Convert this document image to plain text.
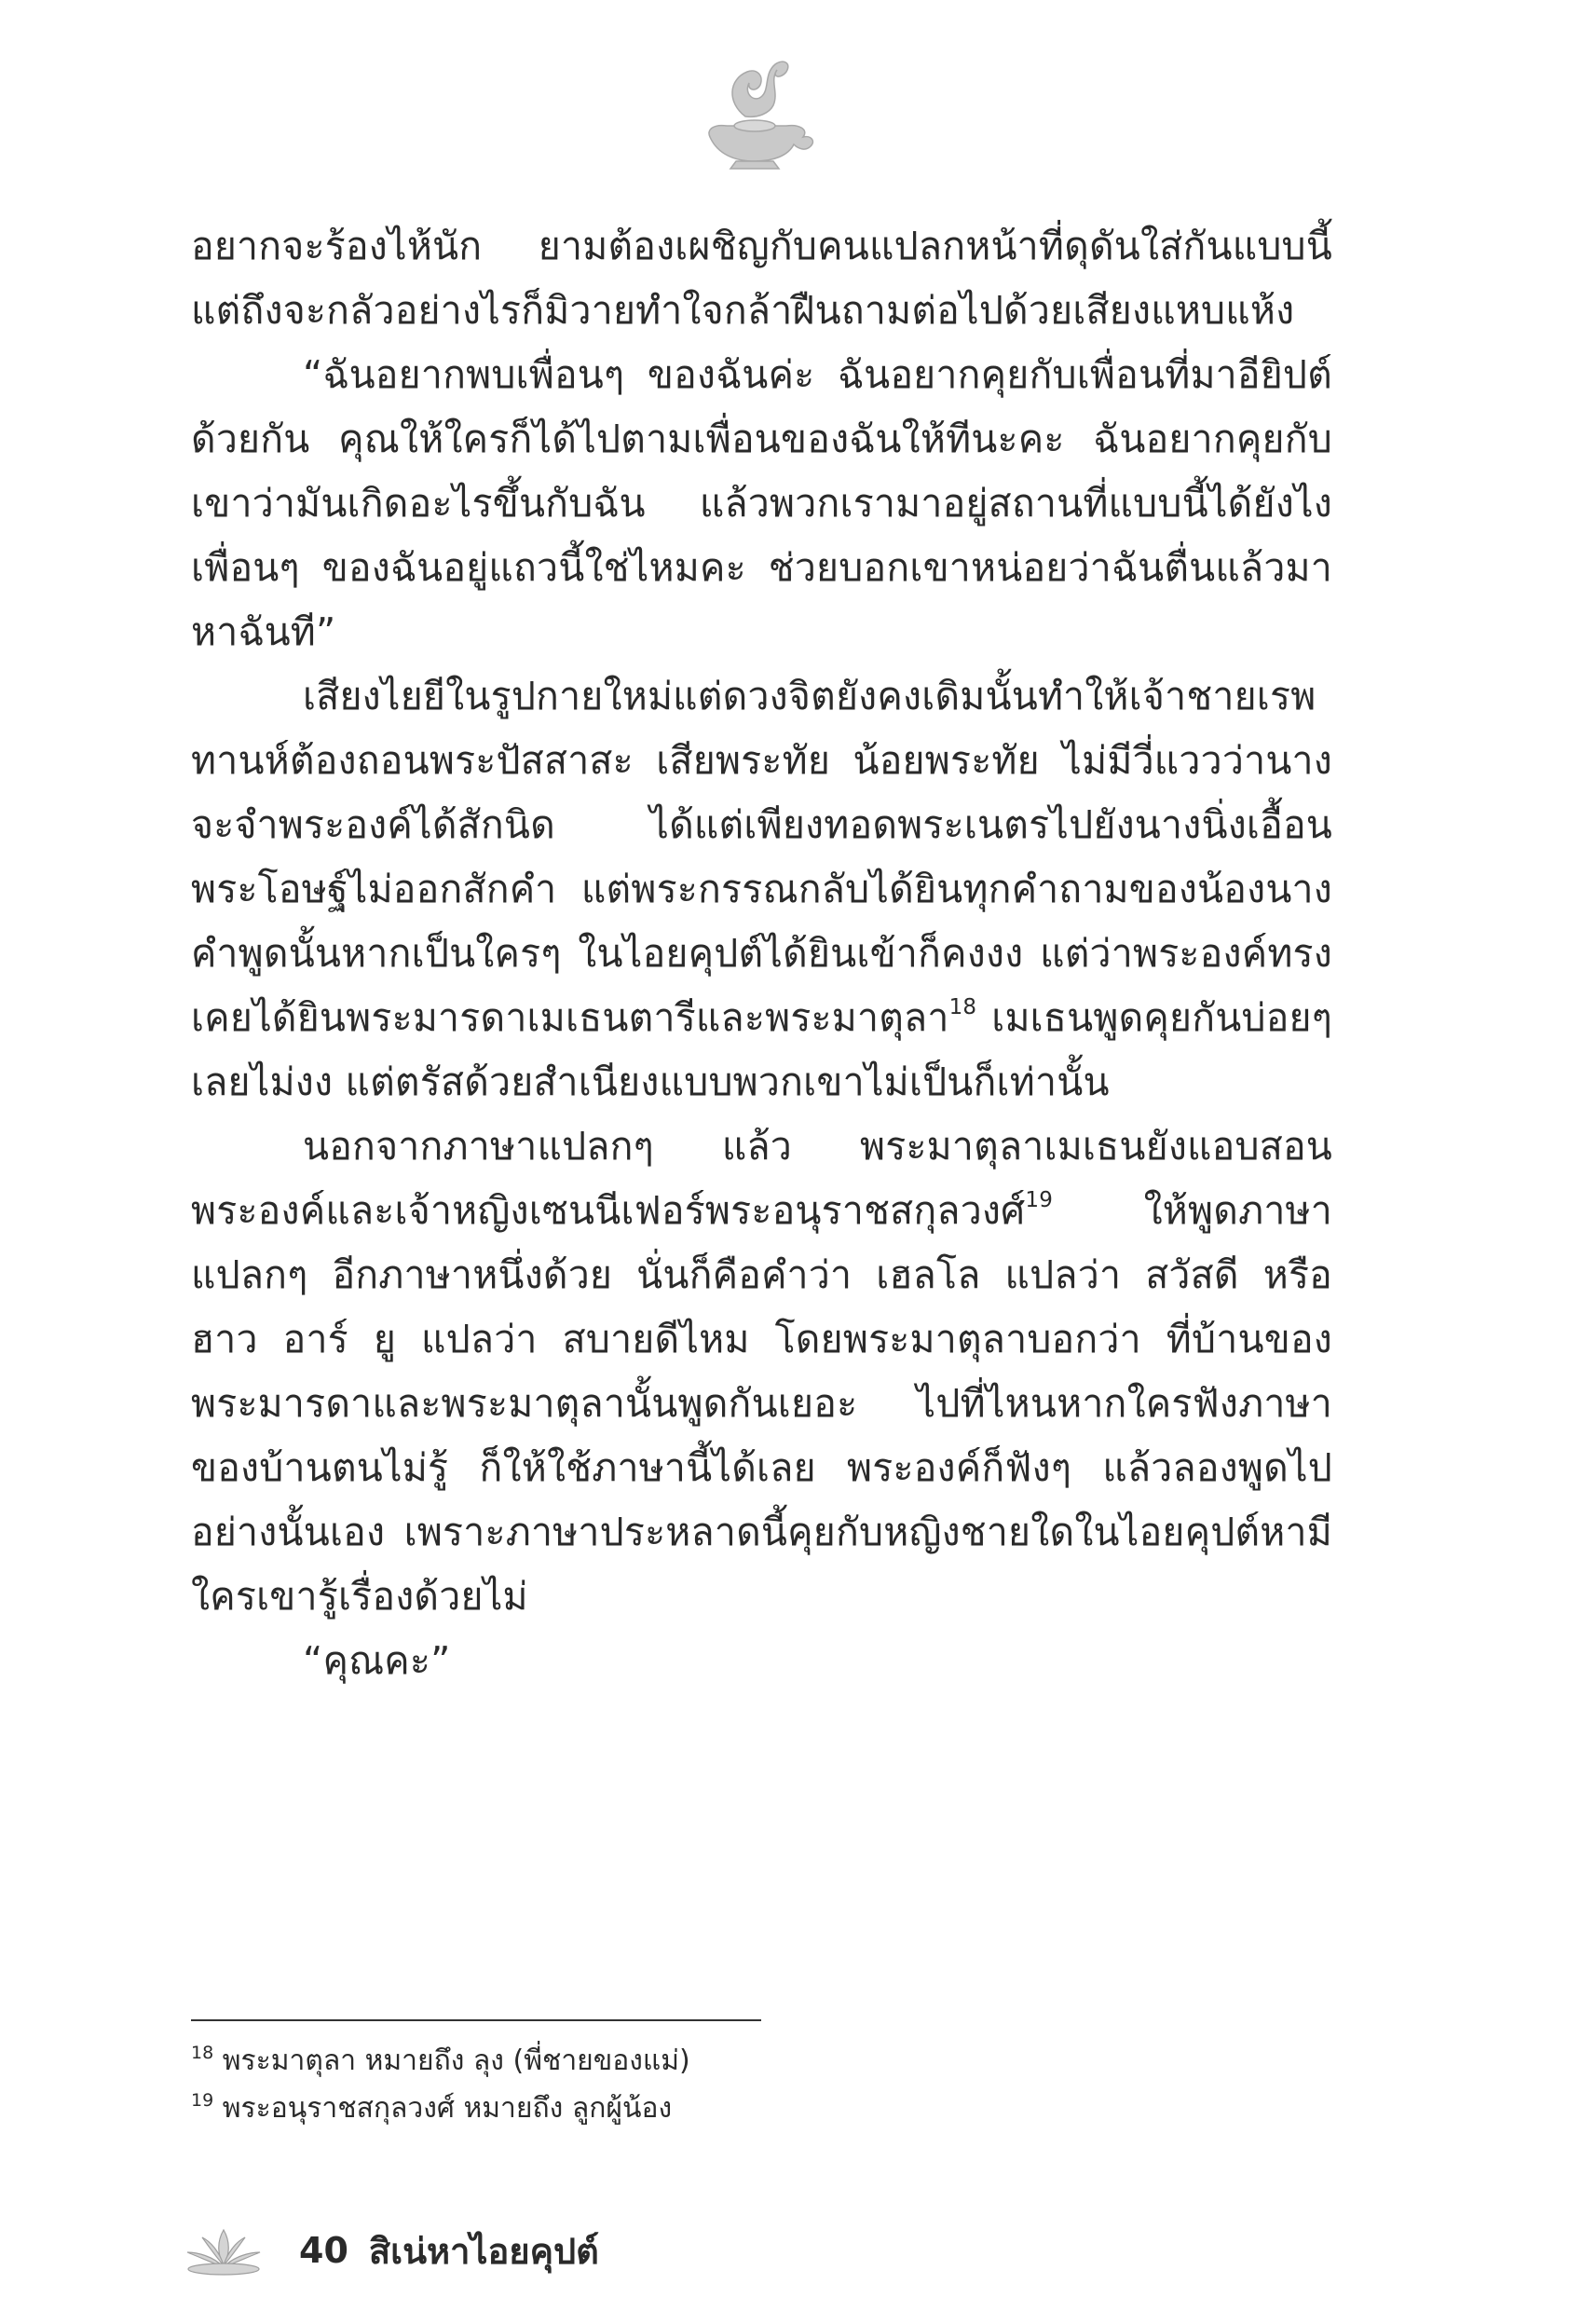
อยากจะร้องไห้นัก ยามต้องเผชิญกับคนแปลกหน้าที่ดุดันใส่กันแบบนี้ แต่ถึงจะกลัวอย่างไรก็มิวายทำใจกล้าฝืนถามต่อไปด้วยเสียงแหบแห้ง

“ฉันอยากพบเพื่อนๆ ของฉันค่ะ ฉันอยากคุยกับเพื่อนที่มาอียิปต์ด้วยกัน คุณให้ใครก็ได้ไปตามเพื่อนของฉันให้ทีนะคะ ฉันอยากคุยกับเขาว่ามันเกิดอะไรขึ้นกับฉัน แล้วพวกเรามาอยู่สถานที่แบบนี้ได้ยังไง เพื่อนๆ ของฉันอยู่แถวนี้ใช่ไหมคะ ช่วยบอกเขาหน่อยว่าฉันตื่นแล้วมาหาฉันที”

เสียงไยยีในรูปกายใหม่แต่ดวงจิตยังคงเดิมนั้นทำให้เจ้าชายเรพทานห์ต้องถอนพระปัสสาสะ เสียพระทัย น้อยพระทัย ไม่มีวี่แววว่านางจะจำพระองค์ได้สักนิด ได้แต่เพียงทอดพระเนตรไปยังนางนิ่งเอื้อนพระโอษฐ์ไม่ออกสักคำ แต่พระกรรณกลับได้ยินทุกคำถามของน้องนาง คำพูดนั้นหากเป็นใครๆ ในไอยคุปต์ได้ยินเข้าก็คงงง แต่ว่าพระองค์ทรงเคยได้ยินพระมารดาเมเธนตารีและพระมาตุลา$^{18}$ เมเธนพูดคุยกันบ่อยๆ เลยไม่งง แต่ตรัสด้วยสำเนียงแบบพวกเขาไม่เป็นก็เท่านั้น

นอกจากภาษาแปลกๆ แล้ว พระมาตุลาเมเธนยังแอบสอนพระองค์และเจ้าหญิงเซนนีเฟอร์พระอนุราชสกุลวงศ์$^{19}$ ให้พูดภาษาแปลกๆ อีกภาษาหนึ่งด้วย นั่นก็คือคำว่า เฮลโล แปลว่า สวัสดี หรือ ฮาว อาร์ ยู แปลว่า สบายดีไหม โดยพระมาตุลาบอกว่า ที่บ้านของพระมารดาและพระมาตุลานั้นพูดกันเยอะ ไปที่ไหนหากใครฟังภาษาของบ้านตนไม่รู้ ก็ให้ใช้ภาษานี้ได้เลย พระองค์ก็ฟังๆ แล้วลองพูดไปอย่างนั้นเอง เพราะภาษาประหลาดนี้คุยกับหญิงชายใดในไอยคุปต์หามีใครเขารู้เรื่องด้วยไม่

“คุณคะ”

$^{18}$ พระมาตุลา หมายถึง ลุง (พี่ชายของแม่)

$^{19}$ พระอนุราชสกุลวงศ์ หมายถึง ลูกผู้น้อง

40 สิเน่หาไอยคุปต์
